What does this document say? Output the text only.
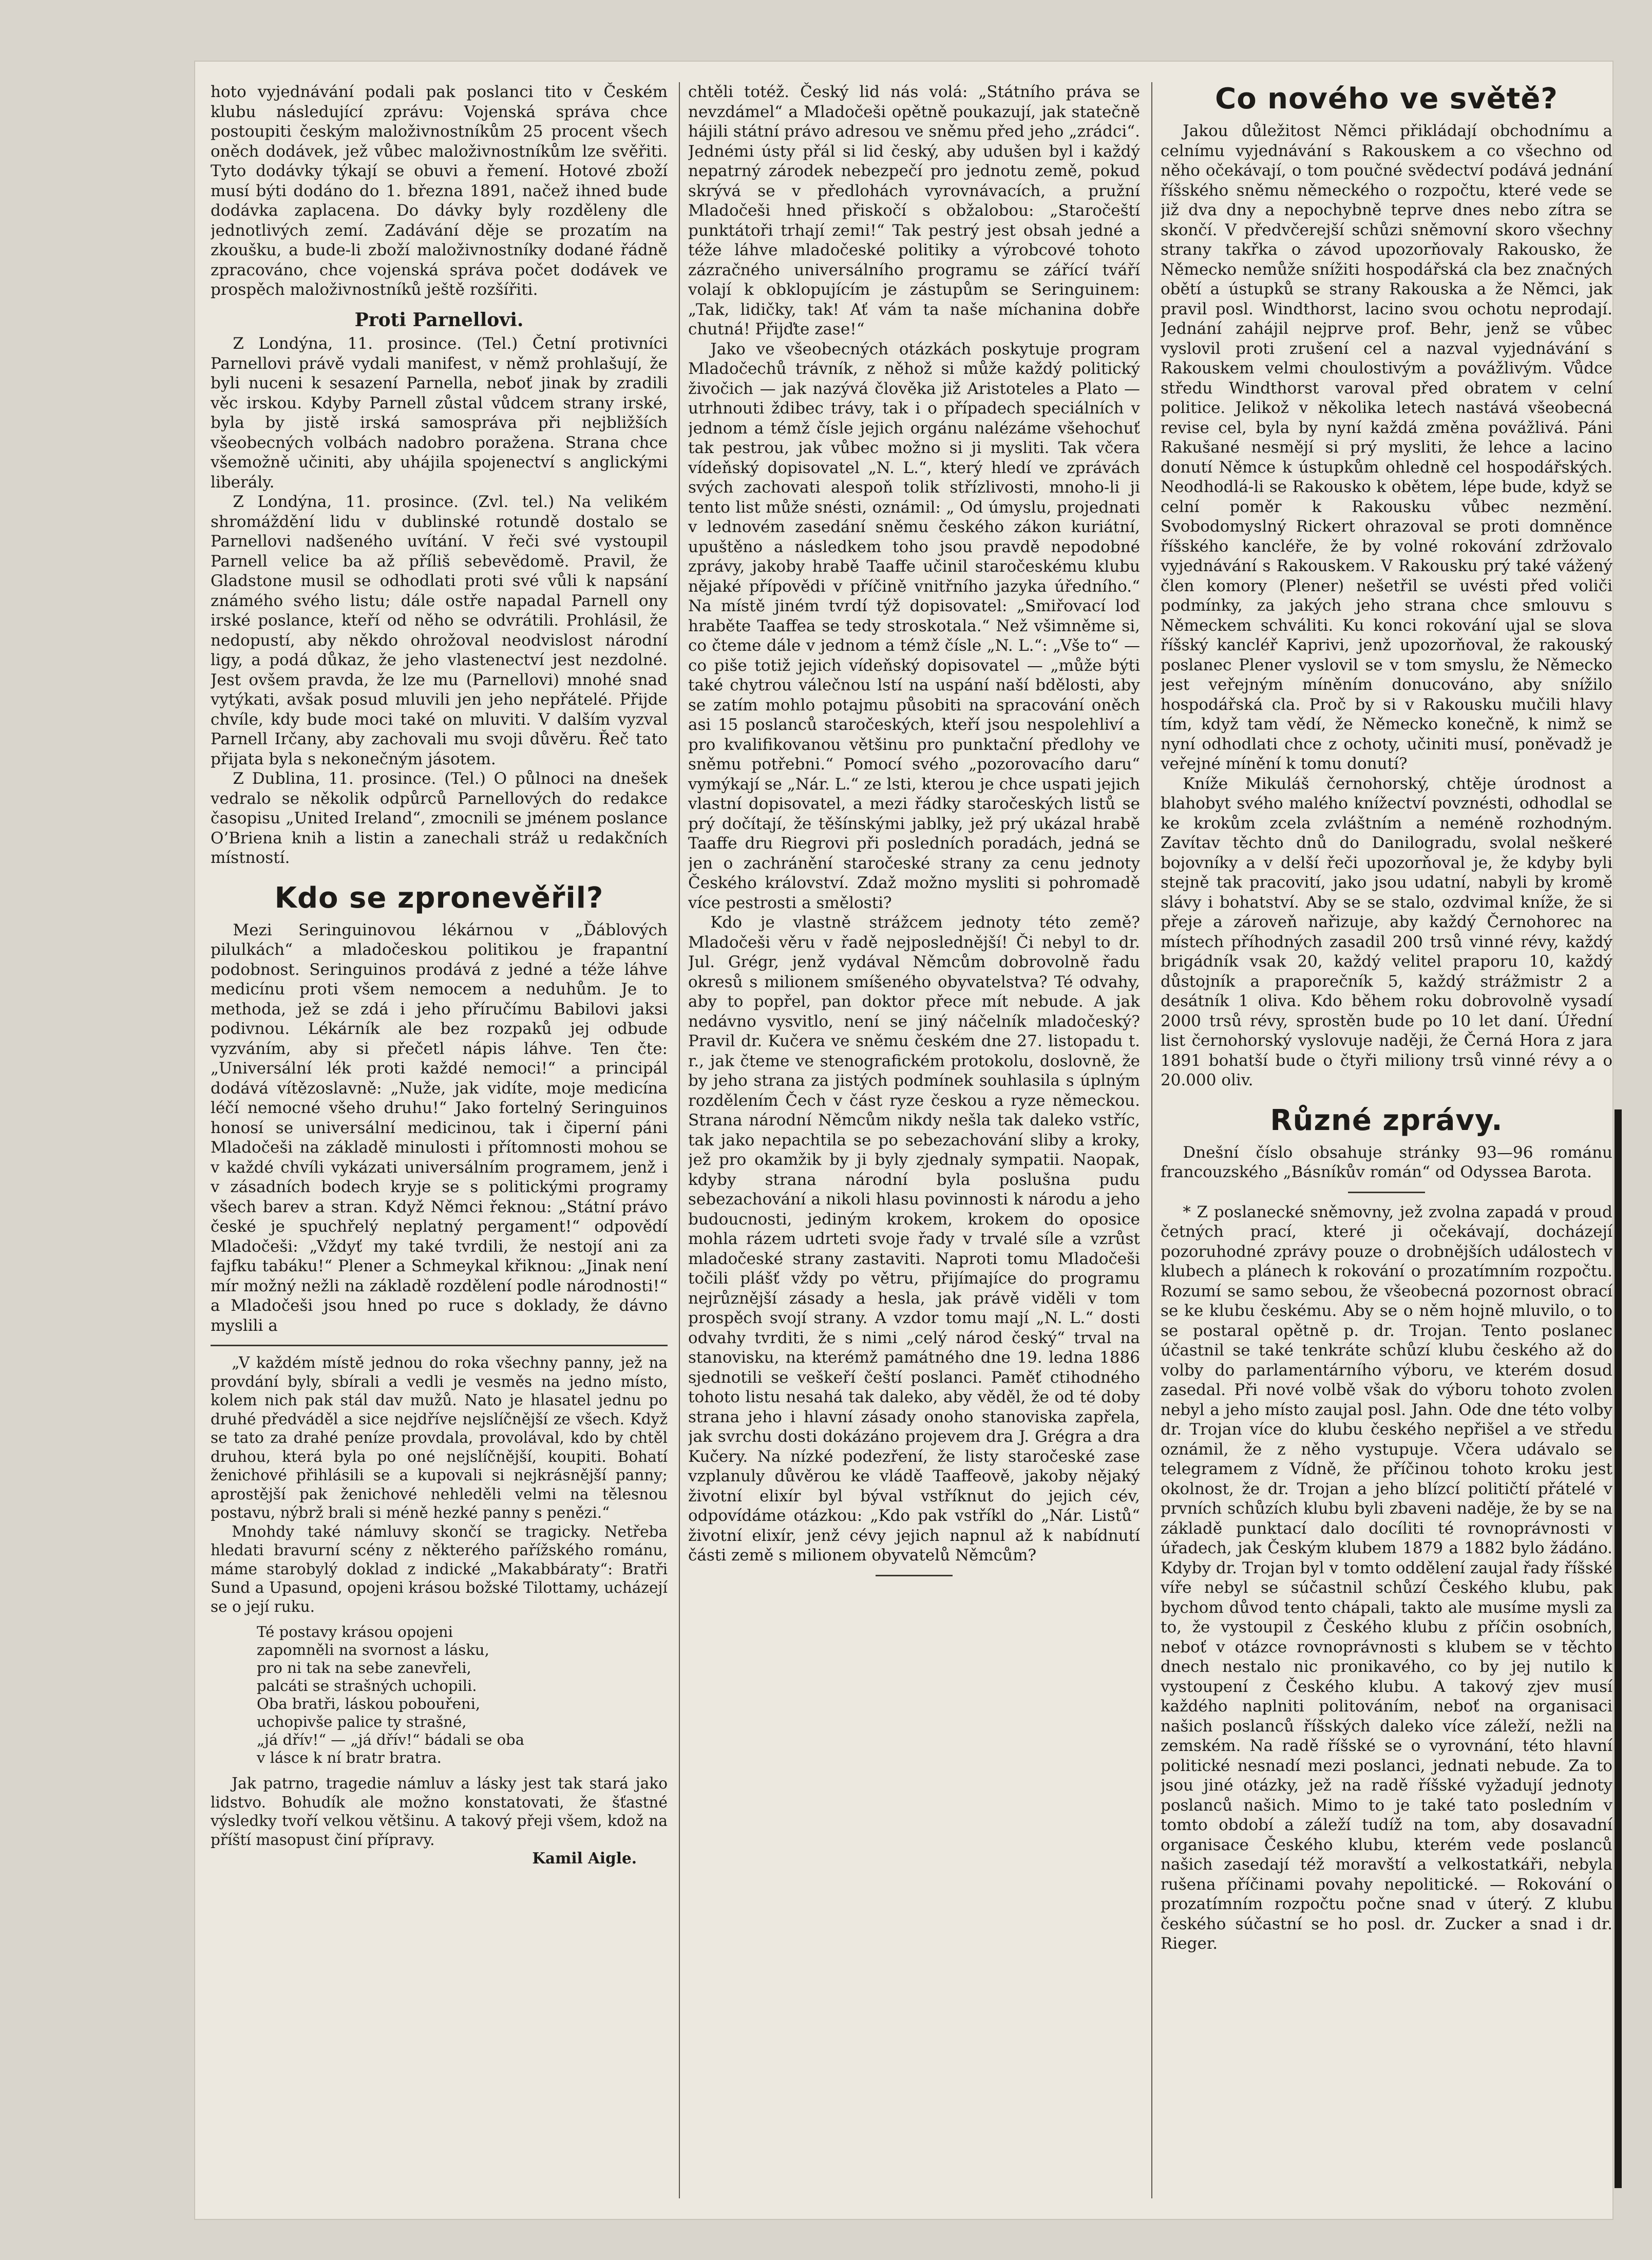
hoto vyjednávání podali pak poslanci tito v Českém klubu následující zprávu: Vojenská správa chce postoupiti českým maloživnostníkům 25 procent všech oněch dodávek, jež vůbec maloživnostníkům lze svěřiti. Tyto dodávky týkají se obuvi a řemení. Hotové zboží musí býti dodáno do 1. března 1891, načež ihned bude dodávka zaplacena. Do dávky byly rozděleny dle jednotlivých zemí. Zadávání děje se prozatím na zkoušku, a bude-li zboží maloživnostníky dodané řádně zpracováno, chce vojenská správa počet dodávek ve prospěch maloživnostníků ještě rozšířiti.

Proti Parnellovi.

Z Londýna, 11. prosince. (Tel.) Četní protivníci Parnellovi právě vydali manifest, v němž prohlašují, že byli nuceni k sesazení Parnella, neboť jinak by zradili věc irskou. Kdyby Parnell zůstal vůdcem strany irské, byla by jistě irská samospráva při nejbližších všeobecných volbách nadobro poražena. Strana chce všemožně učiniti, aby uhájila spojenectví s anglickými liberály.

Z Londýna, 11. prosince. (Zvl. tel.) Na velikém shromáždění lidu v dublinské rotundě dostalo se Parnellovi nadšeného uvítání. V řeči své vystoupil Parnell velice ba až příliš sebevědomě. Pravil, že Gladstone musil se odhodlati proti své vůli k napsání známého svého listu; dále ostře napadal Parnell ony irské poslance, kteří od něho se odvrátili. Prohlásil, že nedopustí, aby někdo ohrožoval neodvislost národní ligy, a podá důkaz, že jeho vlastenectví jest nezdolné. Jest ovšem pravda, že lze mu (Parnellovi) mnohé snad vytýkati, avšak posud mluvili jen jeho nepřátelé. Přijde chvíle, kdy bude moci také on mluviti. V dalším vyzval Parnell Irčany, aby zachovali mu svoji důvěru. Řeč tato přijata byla s nekonečným jásotem.

Z Dublina, 11. prosince. (Tel.) O půlnoci na dnešek vedralo se několik odpůrců Parnellových do redakce časopisu „United Ireland“, zmocnili se jménem poslance O’Briena knih a listin a zanechali stráž u redakčních místností.

Kdo se zpronevěřil?

Mezi Seringuinovou lékárnou v „Ďáblových pilulkách“ a mladočeskou politikou je frapantní podobnost. Seringuinos prodává z jedné a téže láhve medicínu proti všem nemocem a neduhům. Je to methoda, jež se zdá i jeho příručímu Babilovi jaksi podivnou. Lékárník ale bez rozpaků jej odbude vyzváním, aby si přečetl nápis láhve. Ten čte: „Universální lék proti každé nemoci!“ a principál dodává vítězoslavně: „Nuže, jak vidíte, moje medicína léčí nemocné všeho druhu!“ Jako fortelný Seringuinos honosí se universální medicinou, tak i čiperní páni Mladočeši na základě minulosti i přítomnosti mohou se v každé chvíli vykázati universálním programem, jenž i v zásadních bodech kryje se s politickými programy všech barev a stran. Když Němci řeknou: „Státní právo české je spuchřelý neplatný pergament!“ odpovědí Mladočeši: „Vždyť my také tvrdili, že nestojí ani za fajfku tabáku!“ Plener a Schmeykal křiknou: „Jinak není mír možný nežli na základě rozdělení podle národnosti!“ a Mladočeši jsou hned po ruce s doklady, že dávno myslili a

„V každém místě jednou do roka všechny panny, jež na provdání byly, sbírali a vedli je vesměs na jedno místo, kolem nich pak stál dav mužů. Nato je hlasatel jednu po druhé předváděl a sice nejdříve nejslíčnější ze všech. Když se tato za drahé peníze provdala, provolával, kdo by chtěl druhou, která byla po oné nejslíčnější, koupiti. Bohatí ženichové přihlásili se a kupovali si nejkrásnější panny; aprostější pak ženichové nehleděli velmi na tělesnou postavu, nýbrž brali si méně hezké panny s penězi.“

Mnohdy také námluvy skončí se tragicky. Netřeba hledati bravurní scény z některého pařížského románu, máme starobylý doklad z indické „Makabbáraty“: Bratři Sund a Upasund, opojeni krásou božské Tilottamy, ucházejí se o její ruku.

Té postavy krásou opojeni
zapomněli na svornost a lásku,
pro ni tak na sebe zanevřeli,
palcáti se strašných uchopili.
Oba bratři, láskou pobouřeni,
uchopivše palice ty strašné,
„já dřív!“ — „já dřív!“ bádali se oba
v lásce k ní bratr bratra.

Jak patrno, tragedie námluv a lásky jest tak stará jako lidstvo. Bohudík ale možno konstatovati, že šťastné výsledky tvoří velkou většinu. A takový přeji všem, kdož na příští masopust činí přípravy.

Kamil Aigle.

chtěli totéž. Český lid nás volá: „Státního práva se nevzdámel“ a Mladočeši opětně poukazují, jak statečně hájili státní právo adresou ve sněmu před jeho „zrádci“. Jednémi ústy přál si lid český, aby udušen byl i každý nepatrný zárodek nebezpečí pro jednotu země, pokud skrývá se v předlohách vyrovnávacích, a pružní Mladočeši hned přiskočí s obžalobou: „Staročeští punktátoři trhají zemi!“ Tak pestrý jest obsah jedné a téže láhve mladočeské politiky a výrobcové tohoto zázračného universálního programu se zářící tváří volají k obklopujícím je zástupům se Seringuinem: „Tak, lidičky, tak! Ať vám ta naše míchanina dobře chutná! Přijďte zase!“

Jako ve všeobecných otázkách poskytuje program Mladočechů trávník, z něhož si může každý politický živočich — jak nazývá člověka již Aristoteles a Plato — utrhnouti ždibec trávy, tak i o případech speciálních v jednom a témž čísle jejich orgánu nalézáme všehochuť tak pestrou, jak vůbec možno si ji mysliti. Tak včera vídeňský dopisovatel „N. L.“, který hledí ve zprávách svých zachovati alespoň tolik střízlivosti, mnoho-li ji tento list může snésti, oznámil: „ Od úmyslu, projednati v lednovém zasedání sněmu českého zákon kuriátní, upuštěno a následkem toho jsou pravdě nepodobné zprávy, jakoby hrabě Taaffe učinil staročeskému klubu nějaké přípovědi v příčině vnitřního jazyka úředního.“ Na místě jiném tvrdí týž dopisovatel: „Smiřovací loď hraběte Taaffea se tedy stroskotala.“ Než všimněme si, co čteme dále v jednom a témž čísle „N. L.“: „Vše to“ — co piše totiž jejich vídeňský dopisovatel — „může býti také chytrou válečnou lstí na uspání naší bdělosti, aby se zatím mohlo potajmu působiti na spracování oněch asi 15 poslanců staročeských, kteří jsou nespolehliví a pro kvalifikovanou většinu pro punktační předlohy ve sněmu potřebni.“ Pomocí svého „pozorovacího daru“ vymýkají se „Nár. L.“ ze lsti, kterou je chce uspati jejich vlastní dopisovatel, a mezi řádky staročeských listů se prý dočítají, že těšínskými jablky, jež prý ukázal hrabě Taaffe dru Riegrovi při posledních poradách, jedná se jen o zachránění staročeské strany za cenu jednoty Českého království. Zdaž možno mysliti si pohromadě více pestrosti a smělosti?

Kdo je vlastně strážcem jednoty této země? Mladočeši věru v řadě nejposlednější! Či nebyl to dr. Jul. Grégr, jenž vydával Němcům dobrovolně řadu okresů s milionem smíšeného obyvatelstva? Té odvahy, aby to popřel, pan doktor přece mít nebude. A jak nedávno vysvitlo, není se jiný náčelník mladočeský? Pravil dr. Kučera ve sněmu českém dne 27. listopadu t. r., jak čteme ve stenografickém protokolu, doslovně, že by jeho strana za jistých podmínek souhlasila s úplným rozdělením Čech v část ryze českou a ryze německou. Strana národní Němcům nikdy nešla tak daleko vstříc, tak jako nepachtila se po sebezachování sliby a kroky, jež pro okamžik by ji byly zjednaly sympatii. Naopak, kdyby strana národní byla poslušna pudu sebezachování a nikoli hlasu povinnosti k národu a jeho budoucnosti, jediným krokem, krokem do oposice mohla rázem udrteti svoje řady v trvalé síle a vzrůst mladočeské strany zastaviti. Naproti tomu Mladočeši točili plášť vždy po větru, přijímajíce do programu nejrůznější zásady a hesla, jak právě viděli v tom prospěch svojí strany. A vzdor tomu mají „N. L.“ dosti odvahy tvrditi, že s nimi „celý národ český“ trval na stanovisku, na kterémž památného dne 19. ledna 1886 sjednotili se veškeří čeští poslanci. Paměť ctihodného tohoto listu nesahá tak daleko, aby věděl, že od té doby strana jeho i hlavní zásady onoho stanoviska zapřela, jak svrchu dosti dokázáno projevem dra J. Grégra a dra Kučery. Na nízké podezření, že listy staročeské zase vzplanuly důvěrou ke vládě Taaffeově, jakoby nějaký životní elixír byl býval vstříknut do jejich cév, odpovídáme otázkou: „Kdo pak vstříkl do „Nár. Listů“ životní elixír, jenž cévy jejich napnul až k nabídnutí části země s milionem obyvatelů Němcům?

Co nového ve světě?

Jakou důležitost Němci přikládají obchodnímu a celnímu vyjednávání s Rakouskem a co všechno od něho očekávají, o tom poučné svědectví podává jednání říšského sněmu německého o rozpočtu, které vede se již dva dny a nepochybně teprve dnes nebo zítra se skončí. V předvčerejší schůzi sněmovní skoro všechny strany takřka o závod upozorňovaly Rakousko, že Německo nemůže snížiti hospodářská cla bez značných obětí a ústupků se strany Rakouska a že Němci, jak pravil posl. Windthorst, lacino svou ochotu neprodají. Jednání zahájil nejprve prof. Behr, jenž se vůbec vyslovil proti zrušení cel a nazval vyjednávání s Rakouskem velmi choulostivým a povážlivým. Vůdce středu Windthorst varoval před obratem v celní politice. Jelikož v několika letech nastává všeobecná revise cel, byla by nyní každá změna povážlivá. Páni Rakušané nesmějí si prý mysliti, že lehce a lacino donutí Němce k ústupkům ohledně cel hospodářských. Neodhodlá-li se Rakousko k obětem, lépe bude, když se celní poměr k Rakousku vůbec nezmění. Svobodomyslný Rickert ohrazoval se proti domněnce říšského kancléře, že by volné rokování zdržovalo vyjednávání s Rakouskem. V Rakousku prý také vážený člen komory (Plener) nešetřil se uvésti před voliči podmínky, za jakých jeho strana chce smlouvu s Německem schváliti. Ku konci rokování ujal se slova říšský kancléř Kaprivi, jenž upozorňoval, že rakouský poslanec Plener vyslovil se v tom smyslu, že Německo jest veřejným míněním donucováno, aby snížilo hospodářská cla. Proč by si v Rakousku mučili hlavy tím, když tam vědí, že Německo konečně, k nimž se nyní odhodlati chce z ochoty, učiniti musí, poněvadž je veřejné mínění k tomu donutí?

Kníže Mikuláš černohorský, chtěje úrodnost a blahobyt svého malého knížectví povznésti, odhodlal se ke krokům zcela zvláštním a neméně rozhodným. Zavítav těchto dnů do Danilogradu, svolal neškeré bojovníky a v delší řeči upozorňoval je, že kdyby byli stejně tak pracovití, jako jsou udatní, nabyli by kromě slávy i bohatství. Aby se se stalo, ozdvimal kníže, že si přeje a zároveň nařizuje, aby každý Černohorec na místech příhodných zasadil 200 trsů vinné révy, každý brigádník vsak 20, každý velitel praporu 10, každý důstojník a praporečník 5, každý strážmistr 2 a desátník 1 oliva. Kdo během roku dobrovolně vysadí 2000 trsů révy, sprostěn bude po 10 let daní. Úřední list černohorský vyslovuje naději, že Černá Hora z jara 1891 bohatší bude o čtyři miliony trsů vinné révy a o 20.000 oliv.

Různé zprávy.

Dnešní číslo obsahuje stránky 93—96 románu francouzského „Básníkův román“ od Odyssea Barota.

* Z poslanecké sněmovny, jež zvolna zapadá v proud četných prací, které ji očekávají, docházejí pozoruhodné zprávy pouze o drobnějších událostech v klubech a plánech k rokování o prozatímním rozpočtu. Rozumí se samo sebou, že všeobecná pozornost obrací se ke klubu českému. Aby se o něm hojně mluvilo, o to se postaral opětně p. dr. Trojan. Tento poslanec účastnil se také tenkráte schůzí klubu českého až do volby do parlamentárního výboru, ve kterém dosud zasedal. Při nové volbě však do výboru tohoto zvolen nebyl a jeho místo zaujal posl. Jahn. Ode dne této volby dr. Trojan více do klubu českého nepřišel a ve středu oznámil, že z něho vystupuje. Včera udávalo se telegramem z Vídně, že příčinou tohoto kroku jest okolnost, že dr. Trojan a jeho blízcí političtí přátelé v prvních schůzích klubu byli zbaveni naděje, že by se na základě punktací dalo docíliti té rovnoprávnosti v úřadech, jak Českým klubem 1879 a 1882 bylo žádáno. Kdyby dr. Trojan byl v tomto oddělení zaujal řady říšské víře nebyl se súčastnil schůzí Českého klubu, pak bychom důvod tento chápali, takto ale musíme mysli za to, že vystoupil z Českého klubu z příčin osobních, neboť v otázce rovnoprávnosti s klubem se v těchto dnech nestalo nic pronikavého, co by jej nutilo k vystoupení z Českého klubu. A takový zjev musí každého naplniti politováním, neboť na organisaci našich poslanců říšských daleko více záleží, nežli na zemském. Na radě říšské se o vyrovnání, této hlavní politické nesnadí mezi poslanci, jednati nebude. Za to jsou jiné otázky, jež na radě říšské vyžadují jednoty poslanců našich. Mimo to je také tato posledním v tomto období a záleží tudíž na tom, aby dosavadní organisace Českého klubu, kterém vede poslanců našich zasedají též moravští a velkostatkáři, nebyla rušena příčinami povahy nepolitické. — Rokování o prozatímním rozpočtu počne snad v úterý. Z klubu českého súčastní se ho posl. dr. Zucker a snad i dr. Rieger.
